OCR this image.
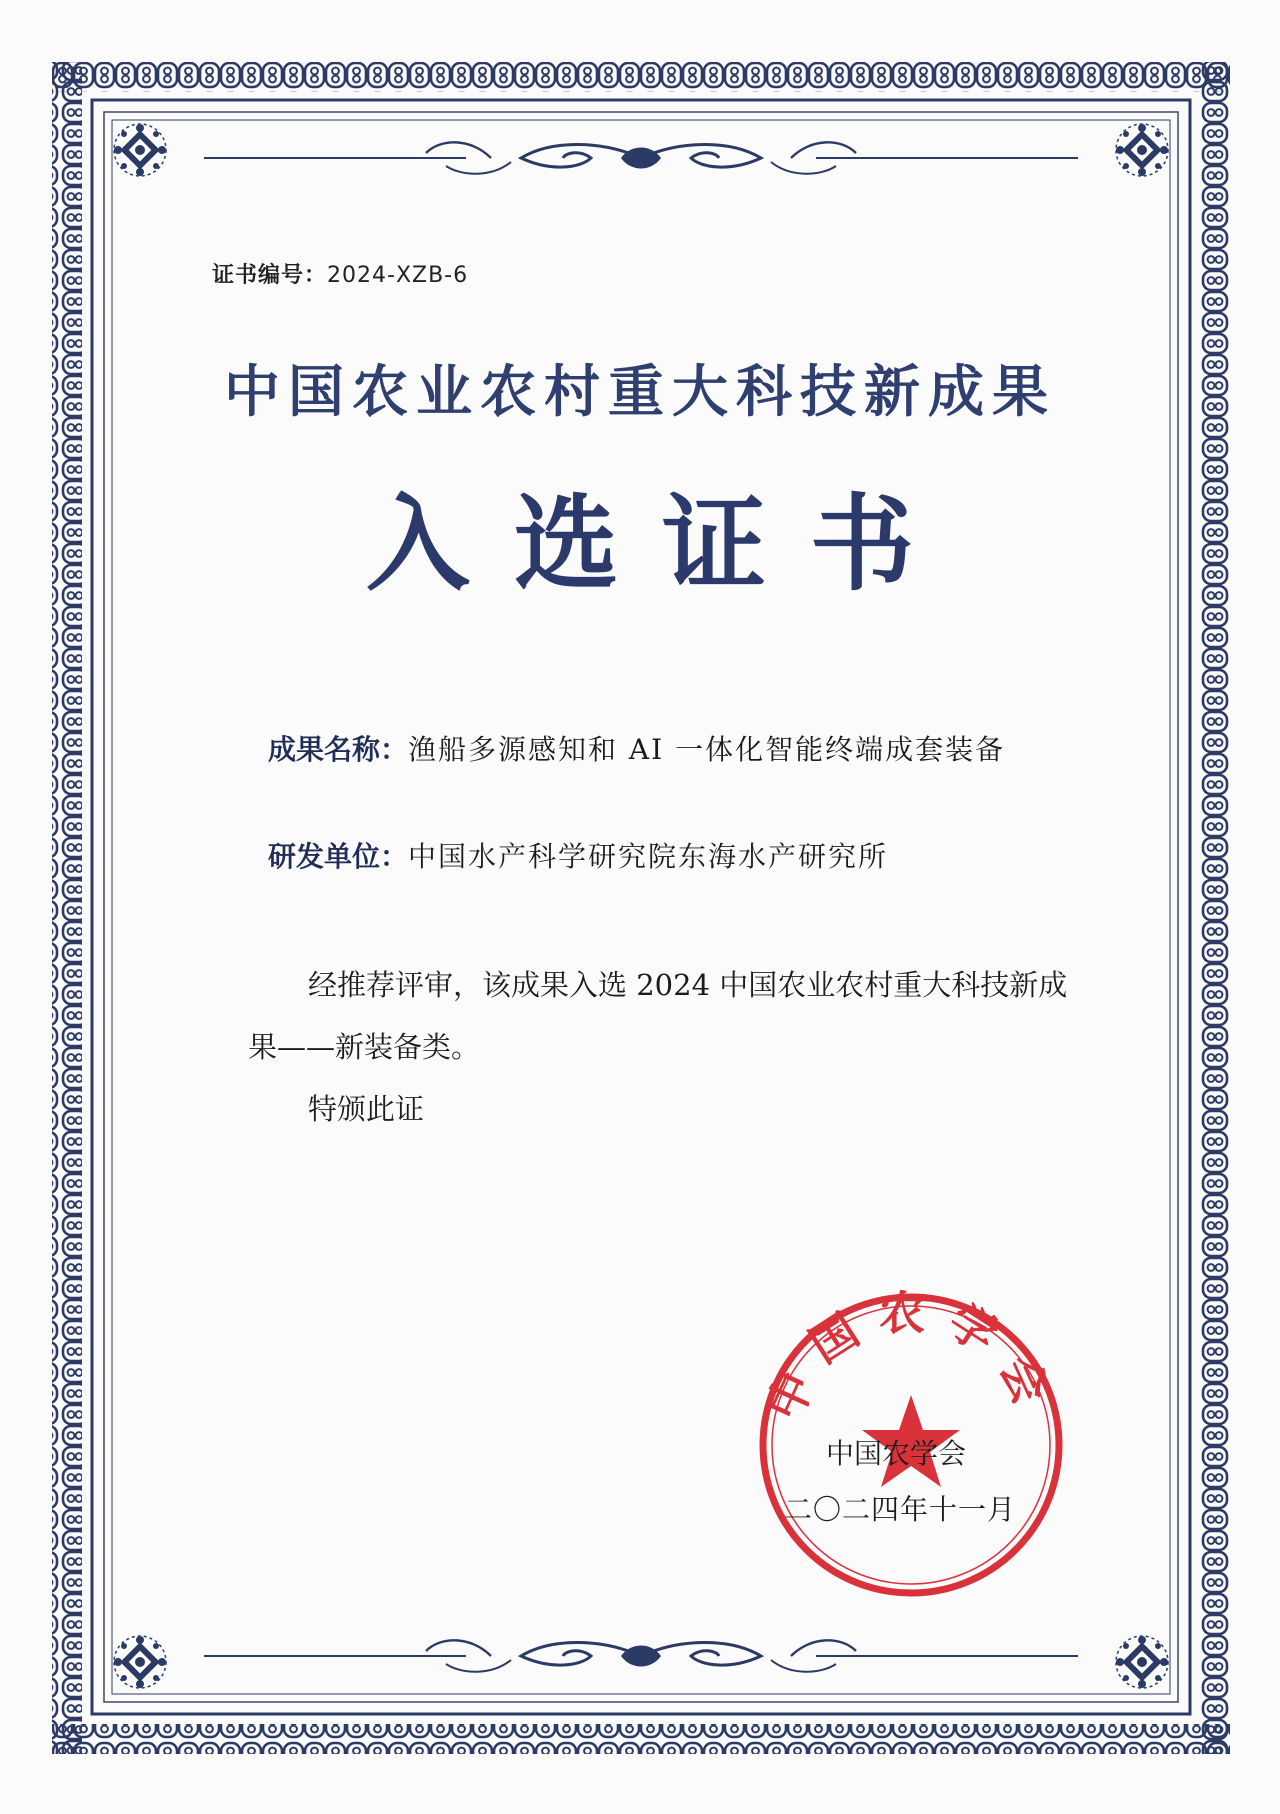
证书编号：2024-XZB-6
中国农业农村重大科技新成果
入选证书
成果名称：渔船多源感知和 AI 一体化智能终端成套装备
研发单位：中国水产科学研究院东海水产研究所
经推荐评审，该成果入选 2024 中国农业农村重大科技新成果——新装备类。
特颁此证
中国农学会
中国农学会
二〇二四年十一月
